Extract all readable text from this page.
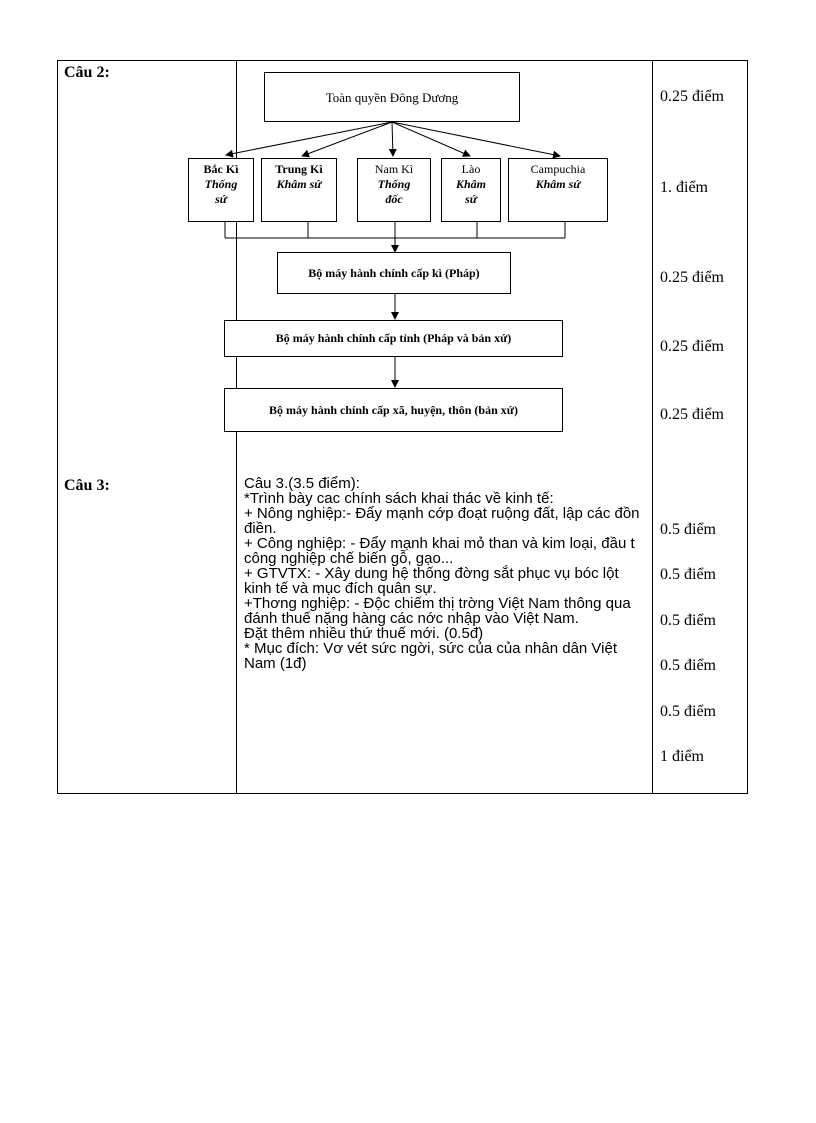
Câu 2:
Câu 3:
Toàn quyền Đông Dương
Bắc Kì
Thống sứ
Trung Kì
Khâm sứ
Nam Kì
Thống đốc
Lào
Khâm sứ
Campuchia
Khâm sứ
Bộ máy hành chính cấp kì (Pháp)
Bộ máy hành chính cấp tỉnh (Pháp và bản xứ)
Bộ máy hành chính cấp xã, huyện, thôn (bản xứ)
0.25 điểm
1. điểm
0.25 điểm
0.25 điểm
0.25 điểm
Câu 3.(3.5 điểm):
*Trình bày cac chính sách khai thác về kinh tế:
+ Nông nghiệp:- Đẩy mạnh cớp đoạt ruộng đất, lập các đồn điền.
+ Công nghiệp: - Đẩy mạnh khai mỏ than và kim loại, đầu t công nghiệp chế biến gỗ, gạo...
+ GTVTX: - Xây dung hệ thống đờng sắt phục vụ bóc lột kinh tế và mục đích quân sự.
+Thơng nghiệp: - Độc chiếm thị trờng Việt Nam thông qua đánh thuế nặng hàng các nớc nhập vào Việt Nam.
Đặt thêm nhiều thứ thuế mới. (0.5đ)
* Mục đích: Vơ vét sức ngời, sức của của nhân dân Việt Nam (1đ)
0.5 điểm
0.5 điểm
0.5 điểm
0.5 điểm
0.5 điểm
1 điểm
